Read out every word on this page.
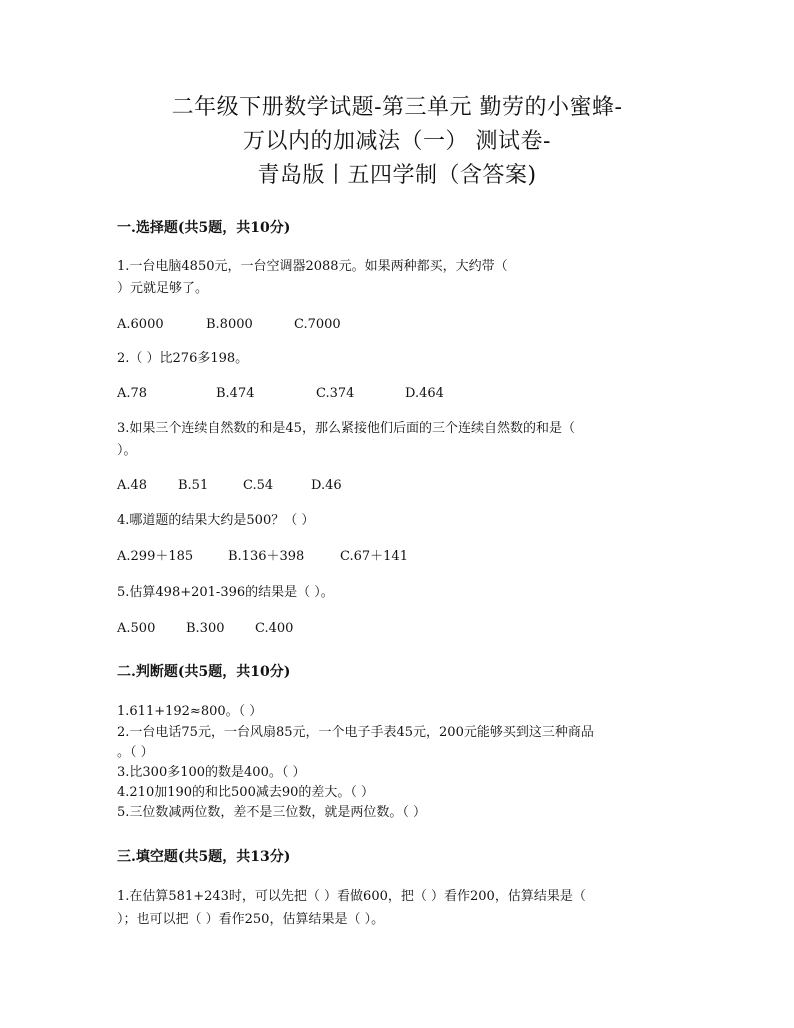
二年级下册数学试题-第三单元 勤劳的小蜜蜂-
万以内的加减法（一） 测试卷-
青岛版丨五四学制（含答案)
一.选择题(共5题，共10分)
1.一台电脑4850元，一台空调器2088元。如果两种都买，大约带（
）元就足够了。
A.6000	B.8000	C.7000
2.（ ）比276多198。
A.78	B.474	C.374	D.464
3.如果三个连续自然数的和是45，那么紧接他们后面的三个连续自然数的和是（
）。
A.48 B.51	C.54	D.46
4.哪道题的结果大约是500？（ ）
A.299＋185	B.136＋398	C.67＋141
5.估算498+201-396的结果是（ ）。
A.500 B.300 C.400
二.判断题(共5题，共10分)
1.611+192≈800。（ ）
2.一台电话75元，一台风扇85元，一个电子手表45元，200元能够买到这三种商品
。（ ）
3.比300多100的数是400。（ ）
4.210加190的和比500减去90的差大。（ ）
5.三位数减两位数，差不是三位数，就是两位数。（ ）
三.填空题(共5题，共13分)
1.在估算581+243时，可以先把（ ）看做600，把（ ）看作200，估算结果是（
）；也可以把（ ）看作250，估算结果是（ ）。
